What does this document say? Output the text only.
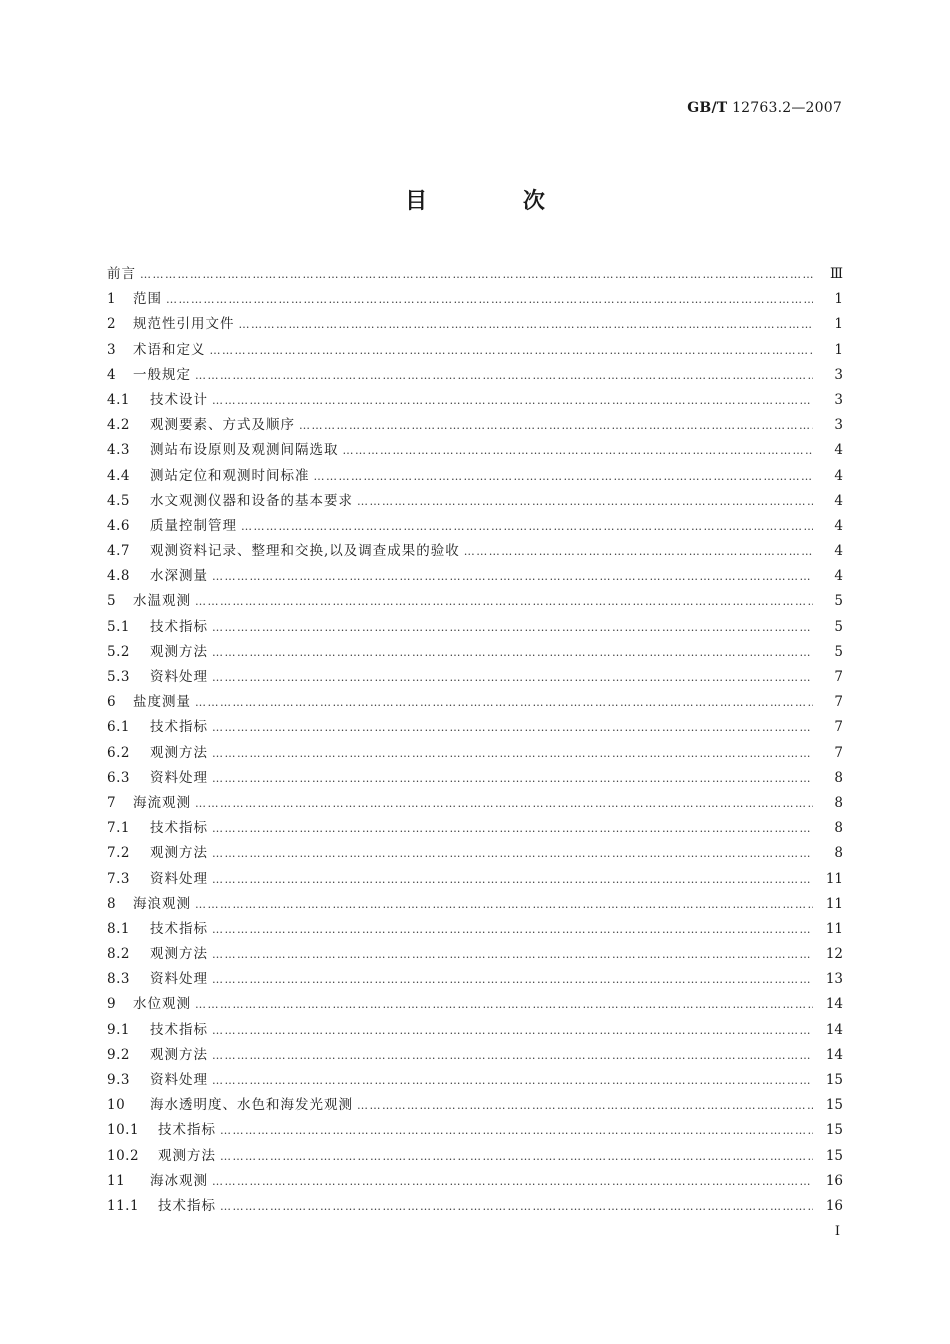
GB/T 12763.2—2007
目 次
前言 ………………………………………………………………………………………………………………………………………………………………………………………………………………………………	Ⅲ
1	范围 ………………………………………………………………………………………………………………………………………………………………………………………………………………………………	1
2	规范性引用文件 ………………………………………………………………………………………………………………………………………………………………………………………………………………………………	1
3	术语和定义 ………………………………………………………………………………………………………………………………………………………………………………………………………………………………	1
4	一般规定 ………………………………………………………………………………………………………………………………………………………………………………………………………………………………	3
4.1	技术设计 ………………………………………………………………………………………………………………………………………………………………………………………………………………………………	3
4.2	观测要素、方式及顺序 ………………………………………………………………………………………………………………………………………………………………………………………………………………………………	3
4.3	测站布设原则及观测间隔选取 ………………………………………………………………………………………………………………………………………………………………………………………………………………………………	4
4.4	测站定位和观测时间标准 ………………………………………………………………………………………………………………………………………………………………………………………………………………………………	4
4.5	水文观测仪器和设备的基本要求 ………………………………………………………………………………………………………………………………………………………………………………………………………………………………	4
4.6	质量控制管理 ………………………………………………………………………………………………………………………………………………………………………………………………………………………………	4
4.7	观测资料记录、整理和交换,以及调查成果的验收 ………………………………………………………………………………………………………………………………………………………………………………………………………………………………	4
4.8	水深测量 ………………………………………………………………………………………………………………………………………………………………………………………………………………………………	4
5	水温观测 ………………………………………………………………………………………………………………………………………………………………………………………………………………………………	5
5.1	技术指标 ………………………………………………………………………………………………………………………………………………………………………………………………………………………………	5
5.2	观测方法 ………………………………………………………………………………………………………………………………………………………………………………………………………………………………	5
5.3	资料处理 ………………………………………………………………………………………………………………………………………………………………………………………………………………………………	7
6	盐度测量 ………………………………………………………………………………………………………………………………………………………………………………………………………………………………	7
6.1	技术指标 ………………………………………………………………………………………………………………………………………………………………………………………………………………………………	7
6.2	观测方法 ………………………………………………………………………………………………………………………………………………………………………………………………………………………………	7
6.3	资料处理 ………………………………………………………………………………………………………………………………………………………………………………………………………………………………	8
7	海流观测 ………………………………………………………………………………………………………………………………………………………………………………………………………………………………	8
7.1	技术指标 ………………………………………………………………………………………………………………………………………………………………………………………………………………………………	8
7.2	观测方法 ………………………………………………………………………………………………………………………………………………………………………………………………………………………………	8
7.3	资料处理 ………………………………………………………………………………………………………………………………………………………………………………………………………………………………	11
8	海浪观测 ………………………………………………………………………………………………………………………………………………………………………………………………………………………………	11
8.1	技术指标 ………………………………………………………………………………………………………………………………………………………………………………………………………………………………	11
8.2	观测方法 ………………………………………………………………………………………………………………………………………………………………………………………………………………………………	12
8.3	资料处理 ………………………………………………………………………………………………………………………………………………………………………………………………………………………………	13
9	水位观测 ………………………………………………………………………………………………………………………………………………………………………………………………………………………………	14
9.1	技术指标 ………………………………………………………………………………………………………………………………………………………………………………………………………………………………	14
9.2	观测方法 ………………………………………………………………………………………………………………………………………………………………………………………………………………………………	14
9.3	资料处理 ………………………………………………………………………………………………………………………………………………………………………………………………………………………………	15
10	海水透明度、水色和海发光观测 ………………………………………………………………………………………………………………………………………………………………………………………………………………………………	15
10.1	技术指标 ………………………………………………………………………………………………………………………………………………………………………………………………………………………………	15
10.2	观测方法 ………………………………………………………………………………………………………………………………………………………………………………………………………………………………	15
11	海冰观测 ………………………………………………………………………………………………………………………………………………………………………………………………………………………………	16
11.1	技术指标 ………………………………………………………………………………………………………………………………………………………………………………………………………………………………	16
I
